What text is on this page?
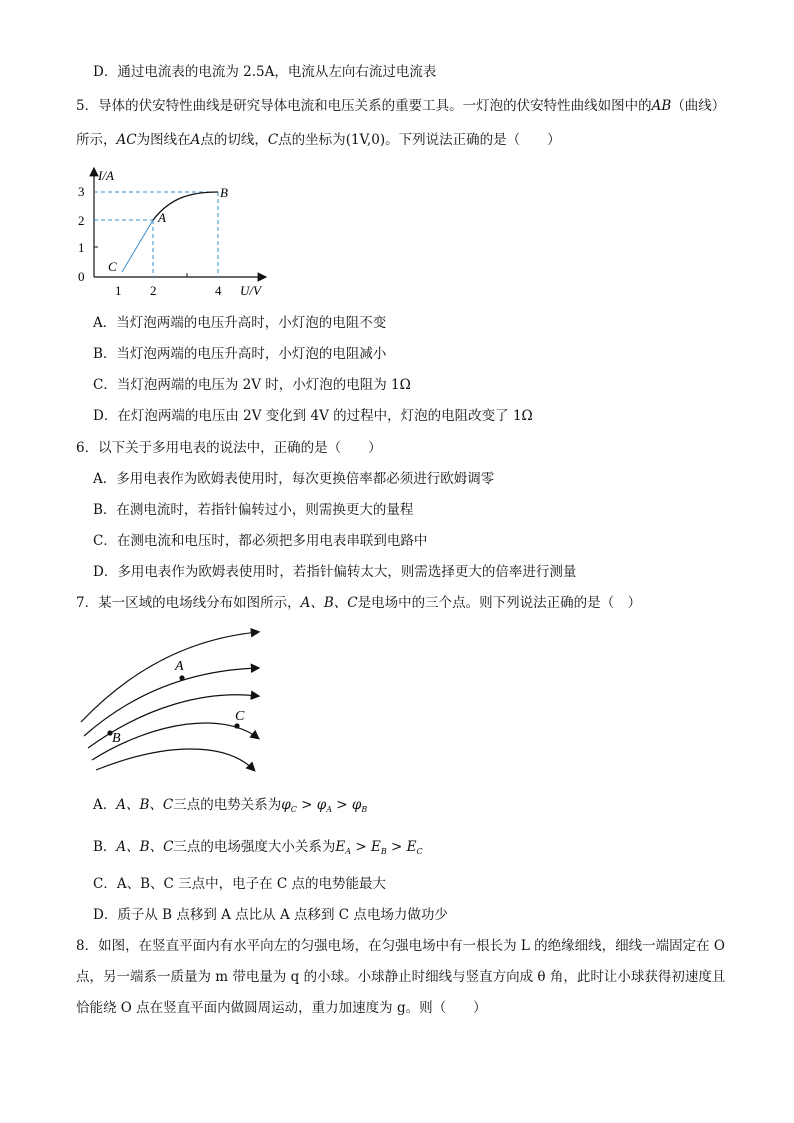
D．通过电流表的电流为 2.5A，电流从左向右流过电流表
5．导体的伏安特性曲线是研究导体电流和电压关系的重要工具。一灯泡的伏安特性曲线如图中的AB（曲线）
所示，AC为图线在A点的切线，C点的坐标为(1V,0)。下列说法正确的是（　　）
I/A
U/V
3
2
1
0
1 2	4
B
A
C
A．当灯泡两端的电压升高时，小灯泡的电阻不变
B．当灯泡两端的电压升高时，小灯泡的电阻减小
C．当灯泡两端的电压为 2V 时，小灯泡的电阻为 1Ω
D．在灯泡两端的电压由 2V 变化到 4V 的过程中，灯泡的电阻改变了 1Ω
6．以下关于多用电表的说法中，正确的是（　　）
A．多用电表作为欧姆表使用时，每次更换倍率都必须进行欧姆调零
B．在测电流时，若指针偏转过小，则需换更大的量程
C．在测电流和电压时，都必须把多用电表串联到电路中
D．多用电表作为欧姆表使用时，若指针偏转太大，则需选择更大的倍率进行测量
7．某一区域的电场线分布如图所示，A、B、C是电场中的三个点。则下列说法正确的是（　）
A
B
C
A．A、B、C三点的电势关系为$\varphi_C > \varphi_A > \varphi_B$
B．A、B、C三点的电场强度大小关系为$E_A > E_B > E_C$
C．A、B、C 三点中，电子在 C 点的电势能最大
D．质子从 B 点移到 A 点比从 A 点移到 C 点电场力做功少
8．如图，在竖直平面内有水平向左的匀强电场，在匀强电场中有一根长为 L 的绝缘细线，细线一端固定在 O
点，另一端系一质量为 m 带电量为 q 的小球。小球静止时细线与竖直方向成 θ 角，此时让小球获得初速度且
恰能绕 O 点在竖直平面内做圆周运动，重力加速度为 g。则（　　）
